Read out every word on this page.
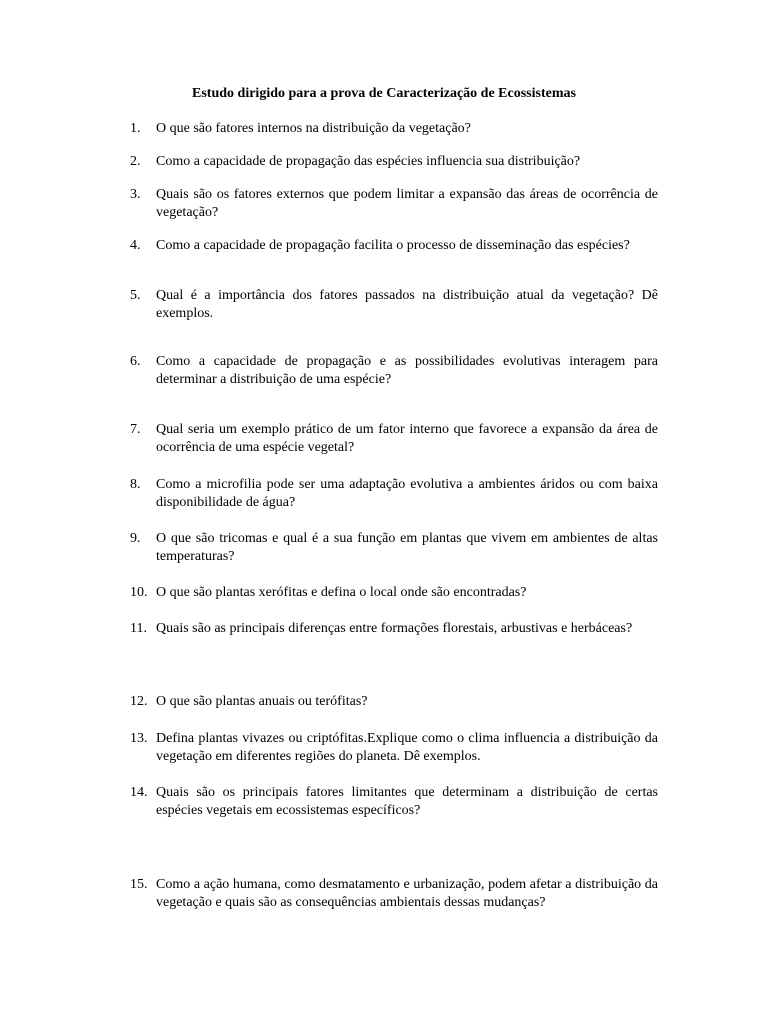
Estudo dirigido para a prova de Caracterização de Ecossistemas
1.	O que são fatores internos na distribuição da vegetação?
2.	Como a capacidade de propagação das espécies influencia sua distribuição?
3.	Quais são os fatores externos que podem limitar a expansão das áreas de ocorrência de vegetação?
4.	Como a capacidade de propagação facilita o processo de disseminação das espécies?
5.	Qual é a importância dos fatores passados na distribuição atual da vegetação? Dê exemplos.
6.	Como a capacidade de propagação e as possibilidades evolutivas interagem para determinar a distribuição de uma espécie?
7.	Qual seria um exemplo prático de um fator interno que favorece a expansão da área de ocorrência de uma espécie vegetal?
8.	Como a microfilia pode ser uma adaptação evolutiva a ambientes áridos ou com baixa disponibilidade de água?
9.	O que são tricomas e qual é a sua função em plantas que vivem em ambientes de altas temperaturas?
10. O que são plantas xerófitas e defina o local onde são encontradas?
11. Quais são as principais diferenças entre formações florestais, arbustivas e herbáceas?
12. O que são plantas anuais ou terófitas?
13. Defina plantas vivazes ou criptófitas.Explique como o clima influencia a distribuição da vegetação em diferentes regiões do planeta. Dê exemplos.
14. Quais são os principais fatores limitantes que determinam a distribuição de certas espécies vegetais em ecossistemas específicos?
15. Como a ação humana, como desmatamento e urbanização, podem afetar a distribuição da vegetação e quais são as consequências ambientais dessas mudanças?
